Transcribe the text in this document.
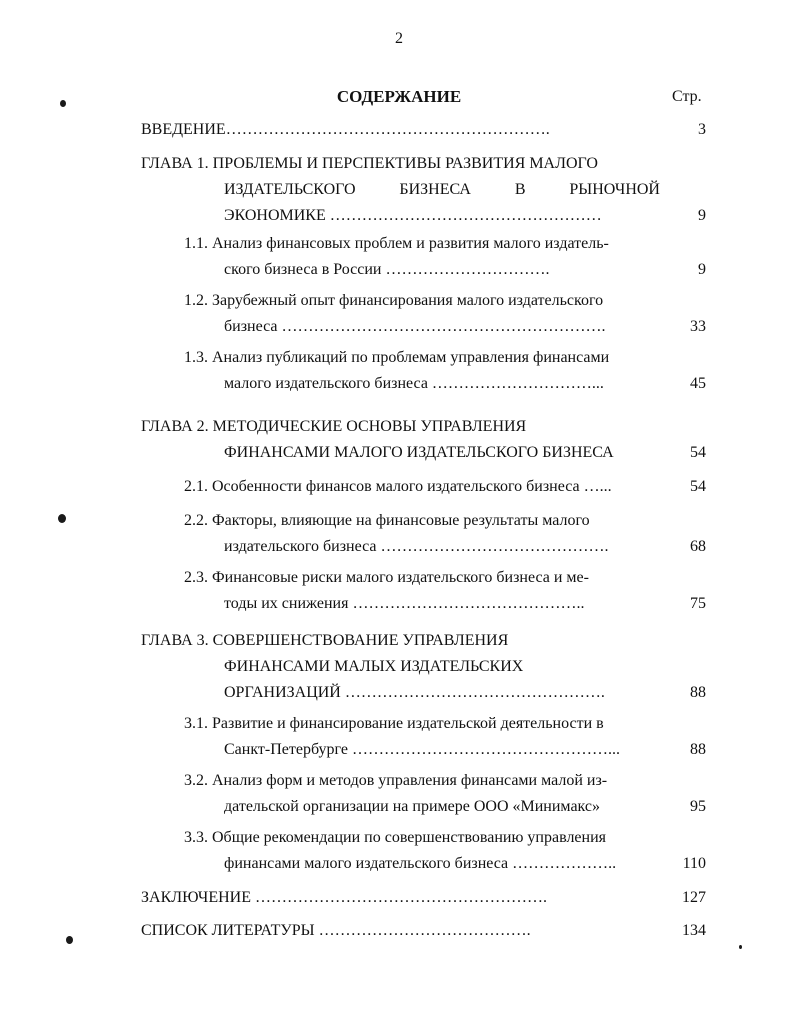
2
СОДЕРЖАНИЕ	Стр.
ВВЕДЕНИЕ…………………………………………………….	3
ГЛАВА 1. ПРОБЛЕМЫ И ПЕРСПЕКТИВЫ РАЗВИТИЯ МАЛОГО
ИЗДАТЕЛЬСКОГО	БИЗНЕСА	В	РЫНОЧНОЙ
ЭКОНОМИКЕ ……………………………………………	9
1.1. Анализ финансовых проблем и развития малого издатель-
ского бизнеса в России ………………………….	9
1.2. Зарубежный опыт финансирования малого издательского
бизнеса …………………………………………………….	33
1.3. Анализ публикаций по проблемам управления финансами
малого издательского бизнеса …………………………...	45
ГЛАВА 2. МЕТОДИЧЕСКИЕ ОСНОВЫ УПРАВЛЕНИЯ
ФИНАНСАМИ МАЛОГО ИЗДАТЕЛЬСКОГО БИЗНЕСА	54
2.1. Особенности финансов малого издательского бизнеса …...	54
2.2. Факторы, влияющие на финансовые результаты малого
издательского бизнеса …………………………………….	68
2.3. Финансовые риски малого издательского бизнеса и ме-
тоды их снижения ……………………………………..	75
ГЛАВА 3. СОВЕРШЕНСТВОВАНИЕ УПРАВЛЕНИЯ
ФИНАНСАМИ МАЛЫХ ИЗДАТЕЛЬСКИХ
ОРГАНИЗАЦИЙ ………………………………………….	88
3.1. Развитие и финансирование издательской деятельности в
Санкт-Петербурге …………………………………………...	88
3.2. Анализ форм и методов управления финансами малой из-
дательской организации на примере ООО «Минимакс»	95
3.3. Общие рекомендации по совершенствованию управления
финансами малого издательского бизнеса ………………..	110
ЗАКЛЮЧЕНИЕ ……………………………………………….	127
СПИСОК ЛИТЕРАТУРЫ ………………………………….	134
